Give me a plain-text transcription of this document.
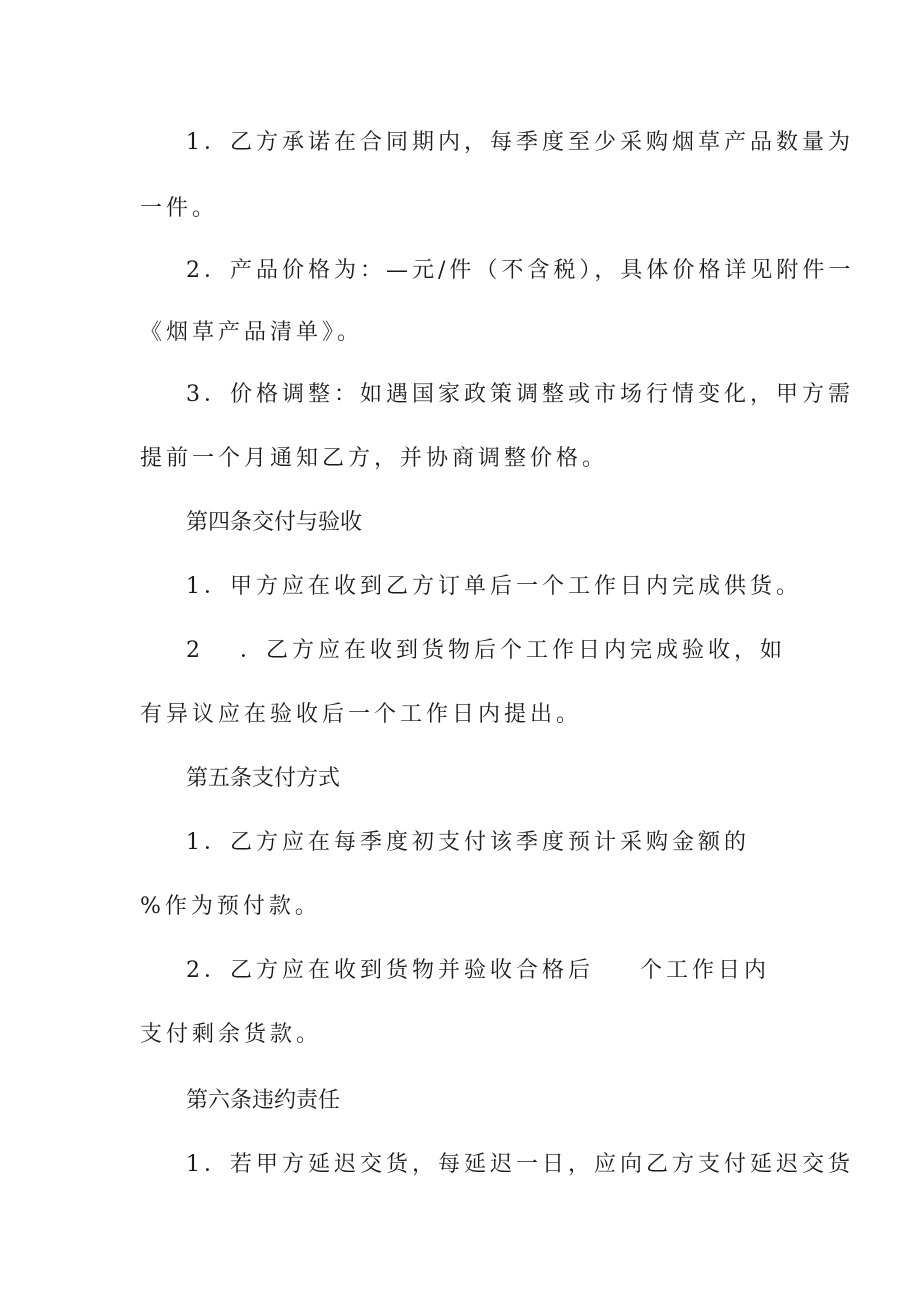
1．乙方承诺在合同期内，每季度至少采购烟草产品数量为
一件。
2．产品价格为：—元/件（不含税），具体价格详见附件一
《烟草产品清单》。
3．价格调整：如遇国家政策调整或市场行情变化，甲方需
提前一个月通知乙方，并协商调整价格。
第四条交付与验收
1．甲方应在收到乙方订单后一个工作日内完成供货。
2 ．乙方应在收到货物后个工作日内完成验收，如
有异议应在验收后一个工作日内提出。
第五条支付方式
1．乙方应在每季度初支付该季度预计采购金额的
%作为预付款。
2．乙方应在收到货物并验收合格后 个工作日内
支付剩余货款。
第六条违约责任
1．若甲方延迟交货，每延迟一日，应向乙方支付延迟交货
